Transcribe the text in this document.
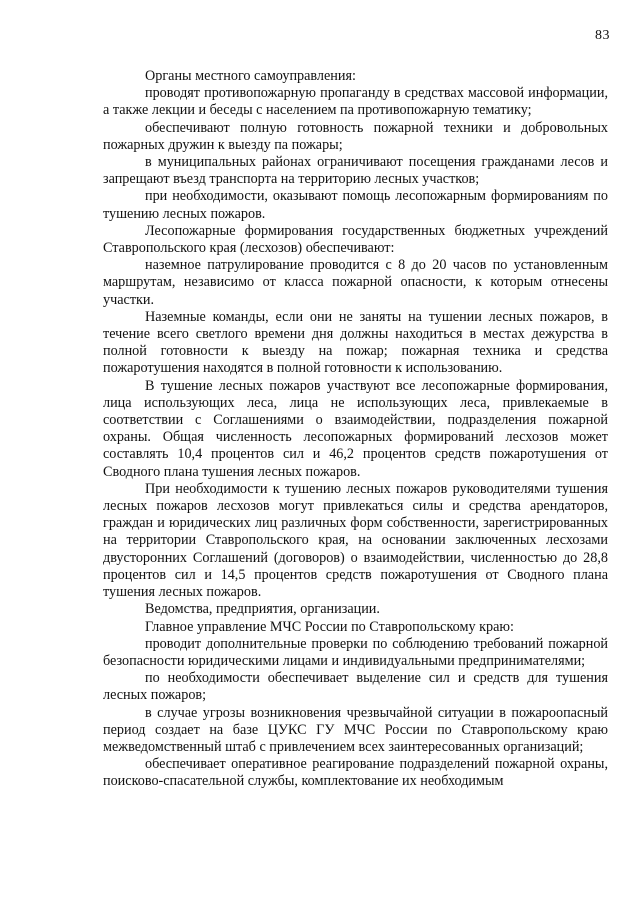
83

Органы местного самоуправления:

проводят противопожарную пропаганду в средствах массовой информации, а также лекции и беседы с населением па противопожарную тематику;

обеспечивают полную готовность пожарной техники и добровольных пожарных дружин к выезду па пожары;

в муниципальных районах ограничивают посещения гражданами лесов и запрещают въезд транспорта на территорию лесных участков;

при необходимости, оказывают помощь лесопожарным формированиям по тушению лесных пожаров.

Лесопожарные формирования государственных бюджетных учреждений Ставропольского края (лесхозов) обеспечивают:

наземное патрулирование проводится с 8 до 20 часов по установленным маршрутам, независимо от класса пожарной опасности, к которым отнесены участки.

Наземные команды, если они не заняты на тушении лесных пожаров, в течение всего светлого времени дня должны находиться в местах дежурства в полной готовности к выезду на пожар; пожарная техника и средства пожаротушения находятся в полной готовности к использованию.

В тушение лесных пожаров участвуют все лесопожарные формирования, лица использующих леса, лица не использующих леса, привлекаемые в соответствии с Соглашениями о взаимодействии, подразделения пожарной охраны. Общая численность лесопожарных формирований лесхозов может составлять 10,4 процентов сил и 46,2 процентов средств пожаротушения от Сводного плана тушения лесных пожаров.

При необходимости к тушению лесных пожаров руководителями тушения лесных пожаров лесхозов могут привлекаться силы и средства арендаторов, граждан и юридических лиц различных форм собственности, зарегистрированных на территории Ставропольского края, на основании заключенных лесхозами двусторонних Соглашений (договоров) о взаимодействии, численностью до 28,8 процентов сил и 14,5 процентов средств пожаротушения от Сводного плана тушения лесных пожаров.

Ведомства, предприятия, организации.

Главное управление МЧС России по Ставропольскому краю:

проводит дополнительные проверки по соблюдению требований пожарной безопасности юридическими лицами и индивидуальными предпринимателями;

по необходимости обеспечивает выделение сил и средств для тушения лесных пожаров;

в случае угрозы возникновения чрезвычайной ситуации в пожароопасный период создает на базе ЦУКС ГУ МЧС России по Ставропольскому краю межведомственный штаб с привлечением всех заинтересованных организаций;

обеспечивает оперативное реагирование подразделений пожарной охраны, поисково-спасательной службы, комплектование их необходимым
